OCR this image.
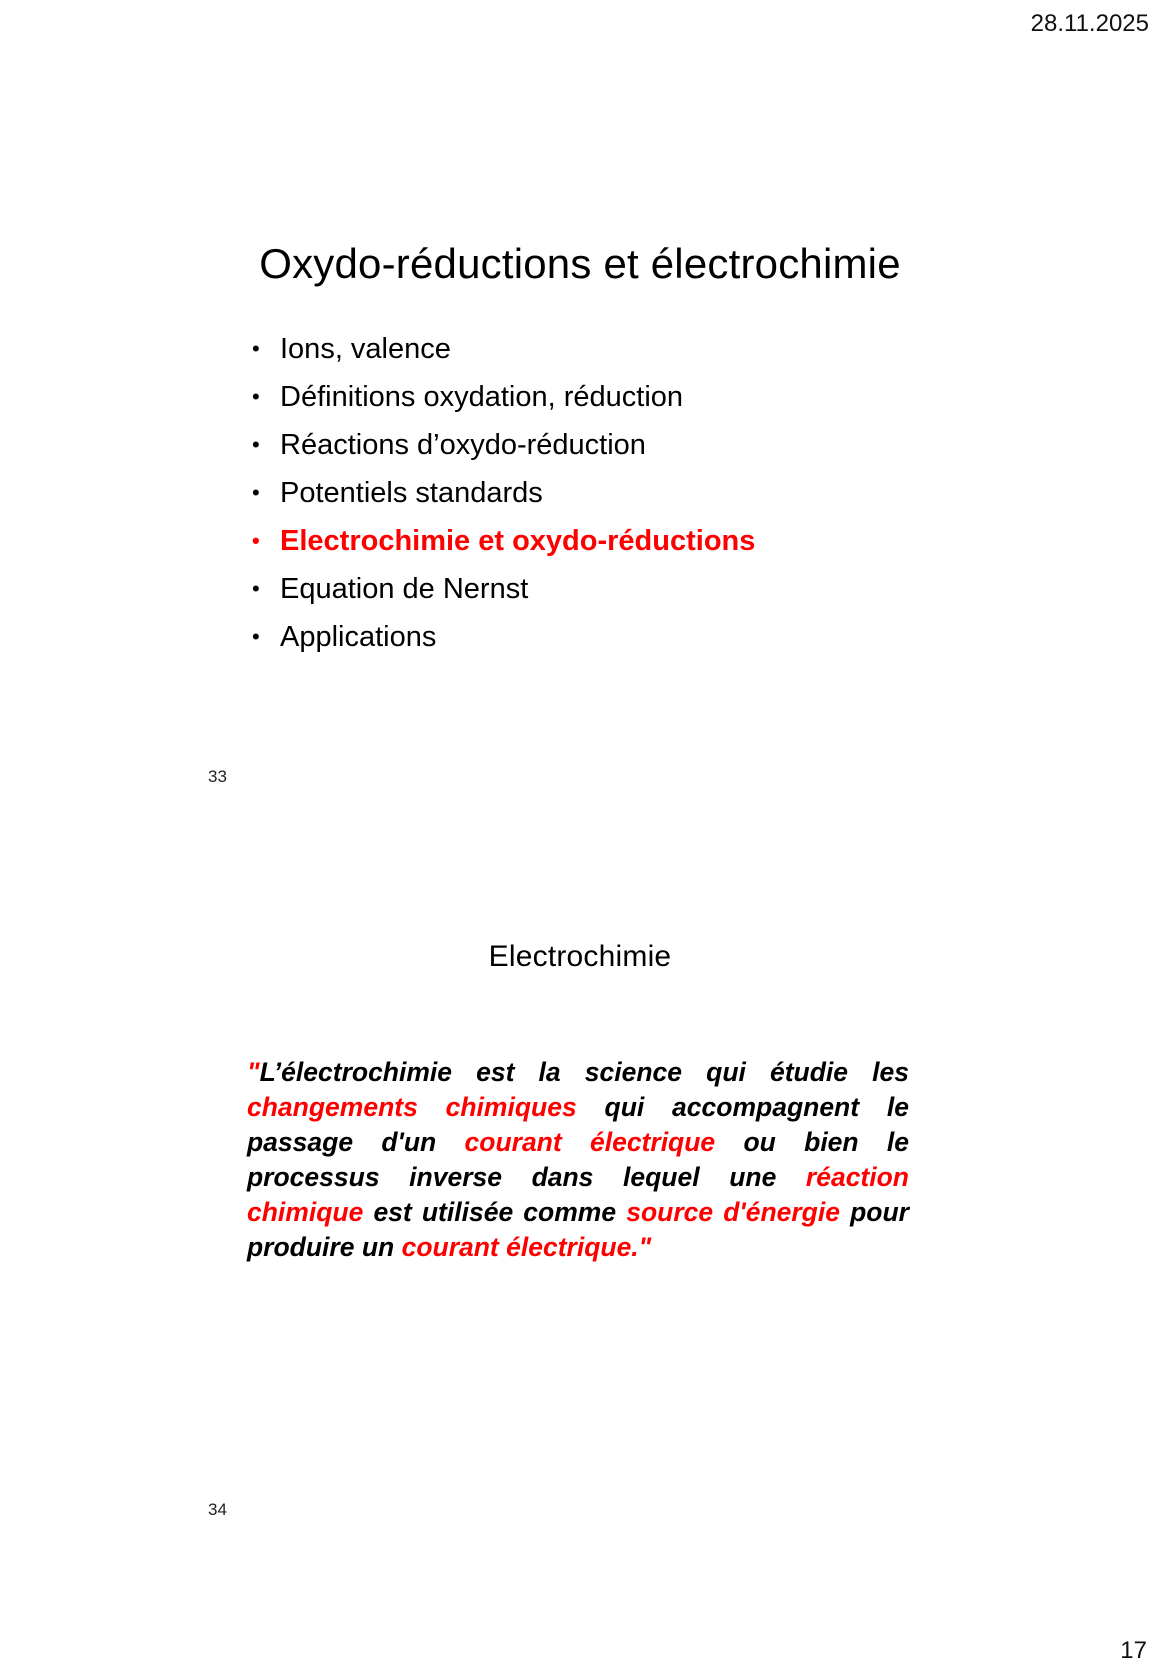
28.11.2025
Oxydo-réductions et électrochimie
• Ions, valence
• Définitions oxydation, réduction
• Réactions d’oxydo-réduction
• Potentiels standards
• Electrochimie et oxydo-réductions
• Equation de Nernst
• Applications
33
Electrochimie

"L’électrochimie est la science qui étudie les changements chimiques qui accompagnent le passage d'un courant électrique ou bien le processus inverse dans lequel une réaction chimique est utilisée comme source d'énergie pour produire un courant électrique."

34
17
